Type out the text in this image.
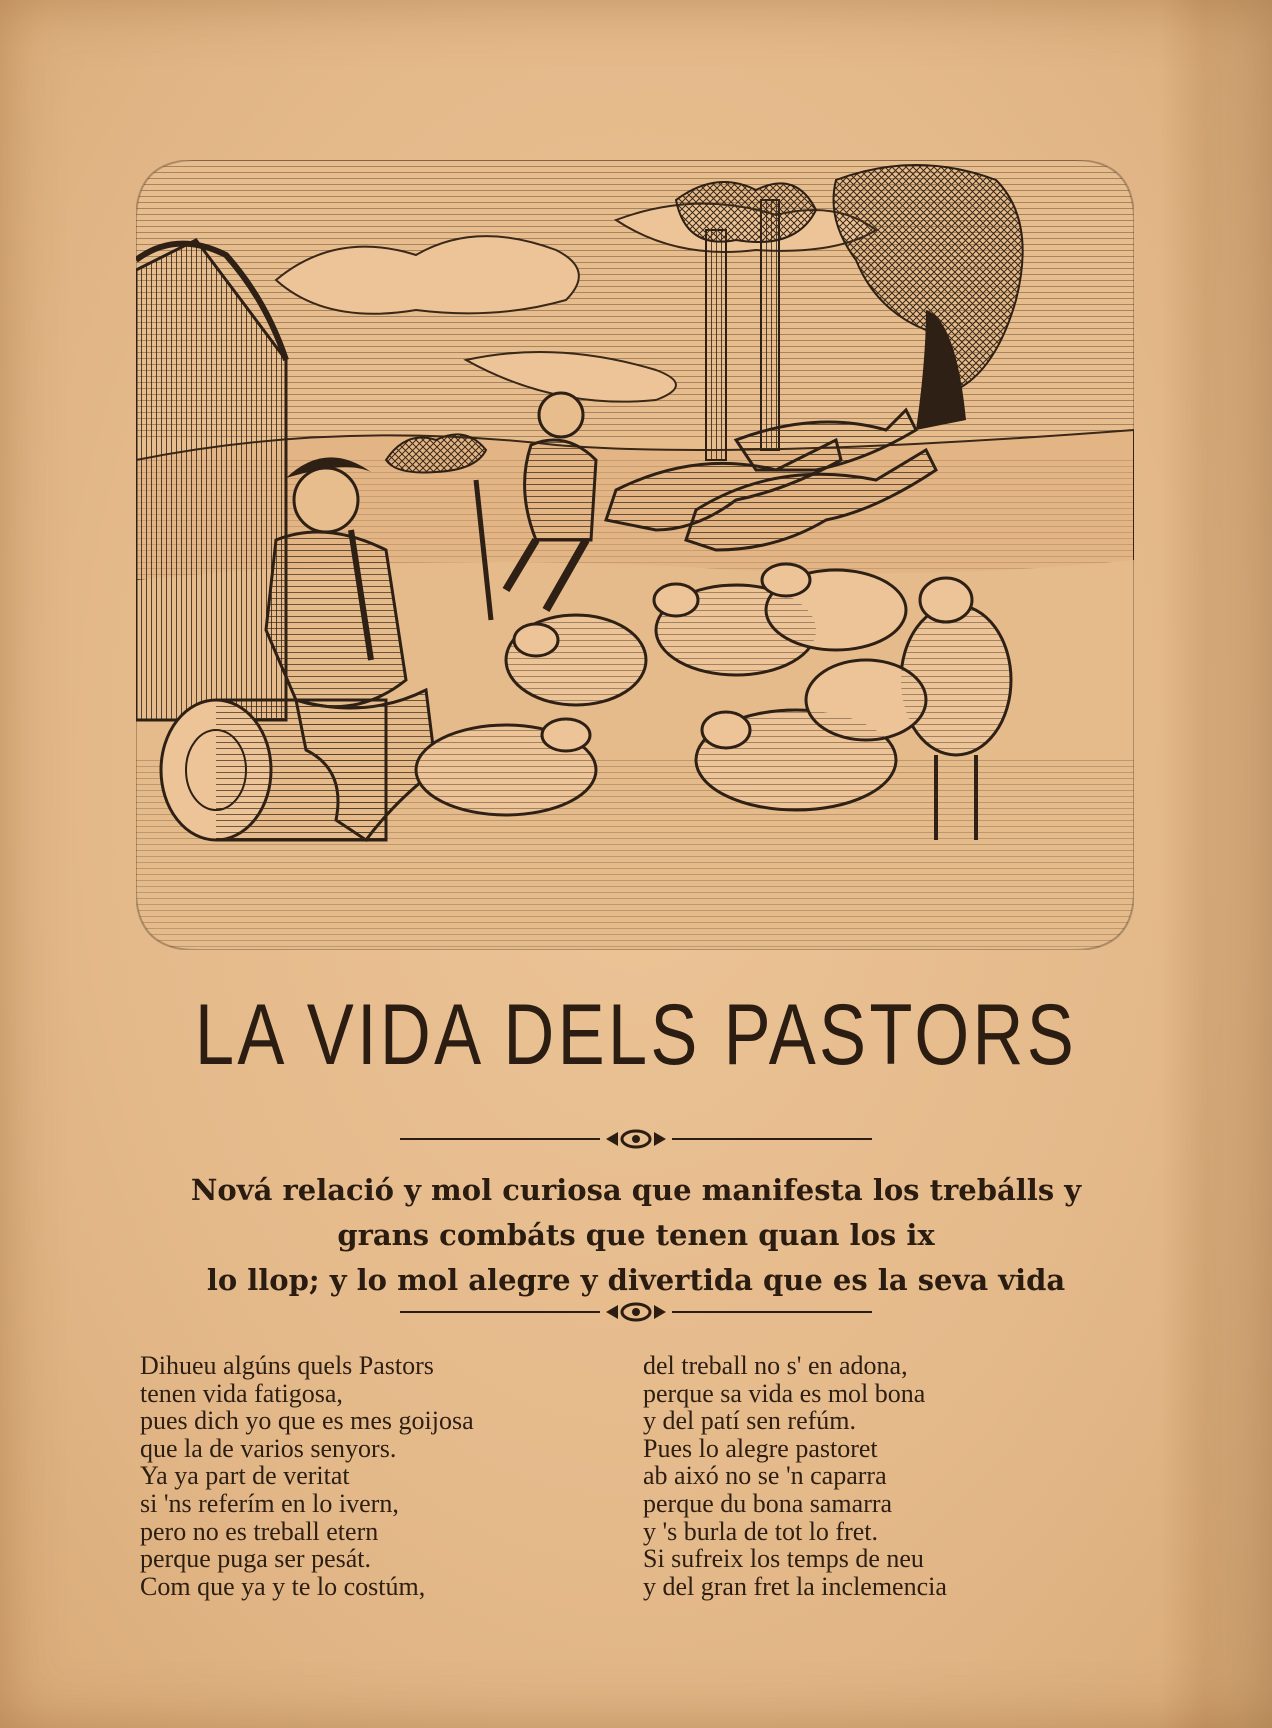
LA VIDA DELS PASTORS
Nová relació y mol curiosa que manifesta los trebálls y
grans combáts que tenen quan los ix
lo llop; y lo mol alegre y divertida que es la seva vida
Dihueu algúns quels Pastors
tenen vida fatigosa,
pues dich yo que es mes goijosa
que la de varios senyors.
Ya ya part de veritat
si 'ns referím en lo ivern,
pero no es treball etern
perque puga ser pesát.
Com que ya y te lo costúm,
del treball no s' en adona,
perque sa vida es mol bona
y del patí sen refúm.
Pues lo alegre pastoret
ab aixó no se 'n caparra
perque du bona samarra
y 's burla de tot lo fret.
Si sufreix los temps de neu
y del gran fret la inclemencia
